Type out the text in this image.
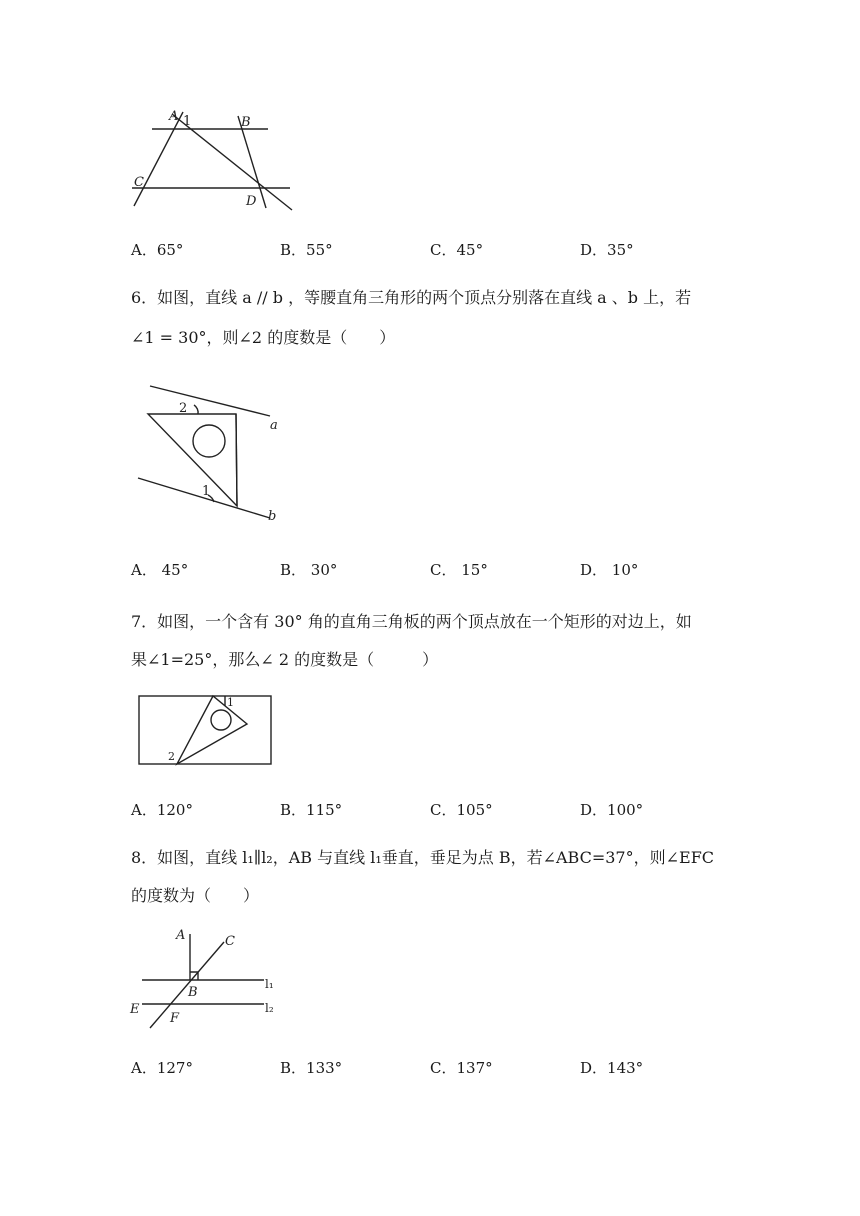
A 1	B
C
D
A．65°	B．55°	C．45°	D．35°
6．如图，直线 a // b ，等腰直角三角形的两个顶点分别落在直线 a 、b 上，若
∠1 = 30°，则∠2 的度数是（　　）
2
1
a
b
A． 45°	B． 30°	C． 15°	D． 10°
7．如图，一个含有 30° 角的直角三角板的两个顶点放在一个矩形的对边上，如
果∠1=25°，那么∠ 2 的度数是（　　　）
1
2
A．120°	B．115°	C．105°	D．100°
8．如图，直线 l₁∥l₂，AB 与直线 l₁垂直，垂足为点 B，若∠ABC=37°，则∠EFC
的度数为（　　）
A	C
B
l₁
E
F
l₂
A．127°	B．133°	C．137°	D．143°
